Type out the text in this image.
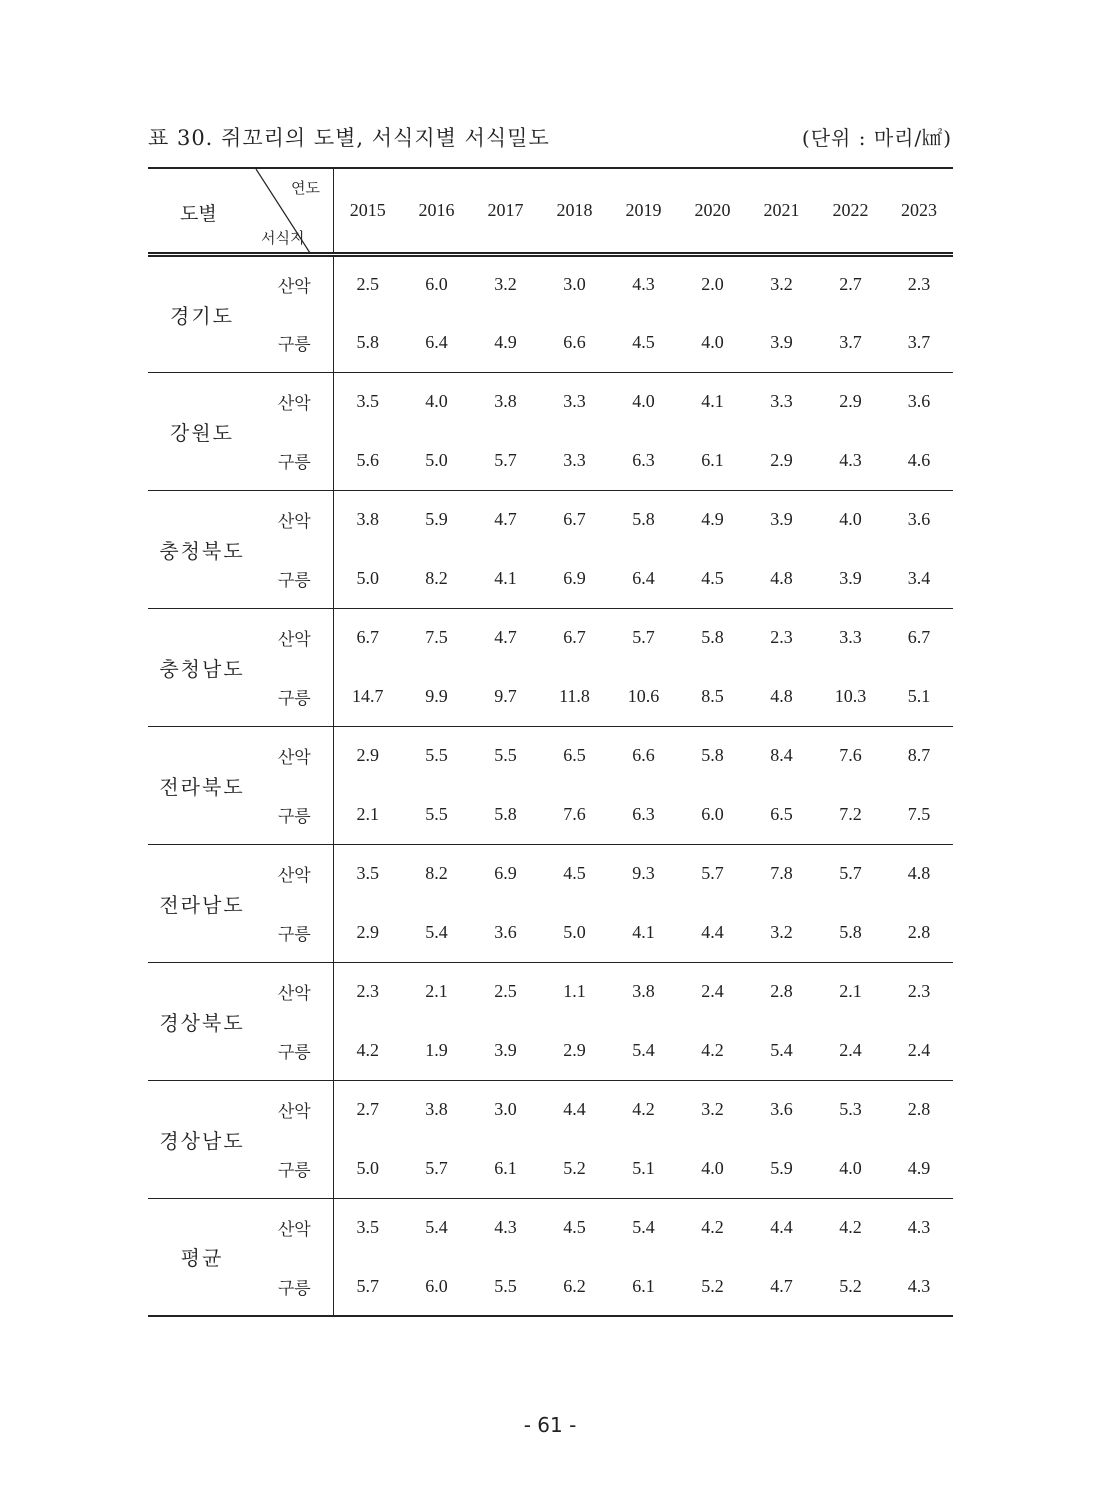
표 30. 쥐꼬리의 도별, 서식지별 서식밀도	(단위 : 마리/㎢)
도별
연도
서식지		2015	2016	2017	2018	2019	2020	2021	2022	2023
경기도	산악	2.5	6.0	3.2	3.0	4.3	2.0	3.2	2.7	2.3
	구릉	5.8	6.4	4.9	6.6	4.5	4.0	3.9	3.7	3.7
강원도	산악	3.5	4.0	3.8	3.3	4.0	4.1	3.3	2.9	3.6
	구릉	5.6	5.0	5.7	3.3	6.3	6.1	2.9	4.3	4.6
충청북도	산악	3.8	5.9	4.7	6.7	5.8	4.9	3.9	4.0	3.6
	구릉	5.0	8.2	4.1	6.9	6.4	4.5	4.8	3.9	3.4
충청남도	산악	6.7	7.5	4.7	6.7	5.7	5.8	2.3	3.3	6.7
	구릉	14.7	9.9	9.7	11.8	10.6	8.5	4.8	10.3	5.1
전라북도	산악	2.9	5.5	5.5	6.5	6.6	5.8	8.4	7.6	8.7
	구릉	2.1	5.5	5.8	7.6	6.3	6.0	6.5	7.2	7.5
전라남도	산악	3.5	8.2	6.9	4.5	9.3	5.7	7.8	5.7	4.8
	구릉	2.9	5.4	3.6	5.0	4.1	4.4	3.2	5.8	2.8
경상북도	산악	2.3	2.1	2.5	1.1	3.8	2.4	2.8	2.1	2.3
	구릉	4.2	1.9	3.9	2.9	5.4	4.2	5.4	2.4	2.4
경상남도	산악	2.7	3.8	3.0	4.4	4.2	3.2	3.6	5.3	2.8
	구릉	5.0	5.7	6.1	5.2	5.1	4.0	5.9	4.0	4.9
평균	산악	3.5	5.4	4.3	4.5	5.4	4.2	4.4	4.2	4.3
	구릉	5.7	6.0	5.5	6.2	6.1	5.2	4.7	5.2	4.3
- 61 -
